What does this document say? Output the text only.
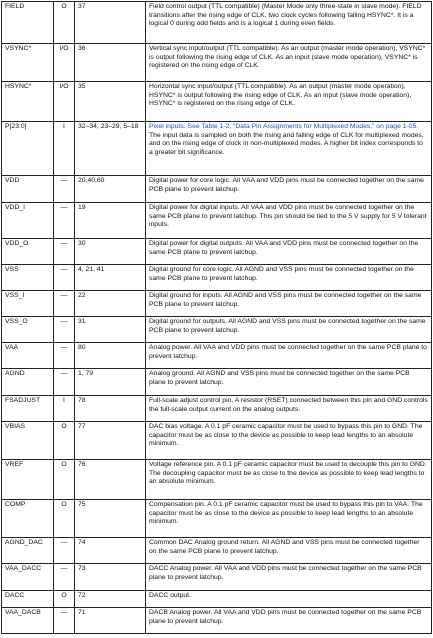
FIELD	O	37	Field control output (TTL compatible) (Master Mode only three-state in slave mode). FIELD transitions after the rising edge of CLK, two clock cycles following falling HSYNC*. It is a logical 0 during odd fields and is a logical 1 during even fields.
VSYNC*	I/O	36	Vertical sync input/output (TTL compatible). As an output (master mode operation), VSYNC* is output following the rising edge of CLK. As an input (slave mode operation), VSYNC* is registered on the rising edge of CLK.
HSYNC*	I/O	35	Horizontal sync input/output (TTL compatible). As an output (master mode operation), HSYNC* is output following the rising edge of CLK. As an input (slave mode operation), HSYNC* is registered on the rising edge of CLK.
P[23:0]	I	32–34, 23–29, 5–18	Pixel inputs. See Table 1-2, “Data Pin Assignments for Multiplexed Modes,” on page 1-05. The input data is sampled on both the rising and falling edge of CLK for multiplexed modes, and on the rising edge of clock in non-multiplexed modes. A higher bit index corresponds to a greater bit significance.
VDD	—	20,40,60	Digital power for core logic. All VAA and VDD pins must be connected together on the same PCB plane to prevent latchup.
VDD_I	—	19	Digital power for digital inputs. All VAA and VDD pins must be connected together on the same PCB plane to prevent latchup. This pin should be tied to the 5 V supply for 5 V tolerant inputs.
VDD_O	—	30	Digital power for digital outputs. All VAA and VDD pins must be connected together on the same PCB plane to prevent latchup.
VSS	—	4, 21, 41	Digital ground for core logic. All AGND and VSS pins must be connected together on the same PCB plane to prevent latchup.
VSS_I	—	22	Digital ground for inputs. All AGND and VSS pins must be connected together on the same PCB plane to prevent latchup.
VSS_O	—	31	Digital ground for outputs. All AGND and VSS pins must be connected together on the same PCB plane to prevent latchup.
VAA	—	80	Analog power. All VAA and VDD pins must be connected together on the same PCB plane to prevent latchup.
AGND	—	1, 79	Analog ground. All AGND and VSS pins must be connected together on the same PCB plane to prevent latchup.
FSADJUST	I	78	Full-scale adjust control pin. A resistor (RSET) connected between this pin and GND controls the full-scale output current on the analog outputs.
VBIAS	O	77	DAC bias voltage. A 0.1 pF ceramic capacitor must be used to bypass this pin to GND. The capacitor must be as close to the device as possible to keep lead lengths to an absolute minimum.
VREF	O	76	Voltage reference pin. A 0.1 pF ceramic capacitor must be used to decouple this pin to GND. The decoupling capacitor must be as close to the device as possible to keep lead lengths to an absolute minimum.
COMP	O	75	Compensation pin. A 0.1 pF ceramic capacitor must be used to bypass this pin to VAA. The capacitor must be as close to the device as possible to keep lead lengths to an absolute minimum.
AGND_DAC	—	74	Common DAC Analog ground return. All AGND and VSS pins must be connected together on the same PCB plane to prevent latchup.
VAA_DACC	—	73	DACC Analog power. All VAA and VDD pins must be connected together on the same PCB plane to prevent latchup.
DACC	O	72	DACC output.
VAA_DACB	—	71	DACB Analog power. All VAA and VDD pins must be connected together on the same PCB plane to prevent latchup.
